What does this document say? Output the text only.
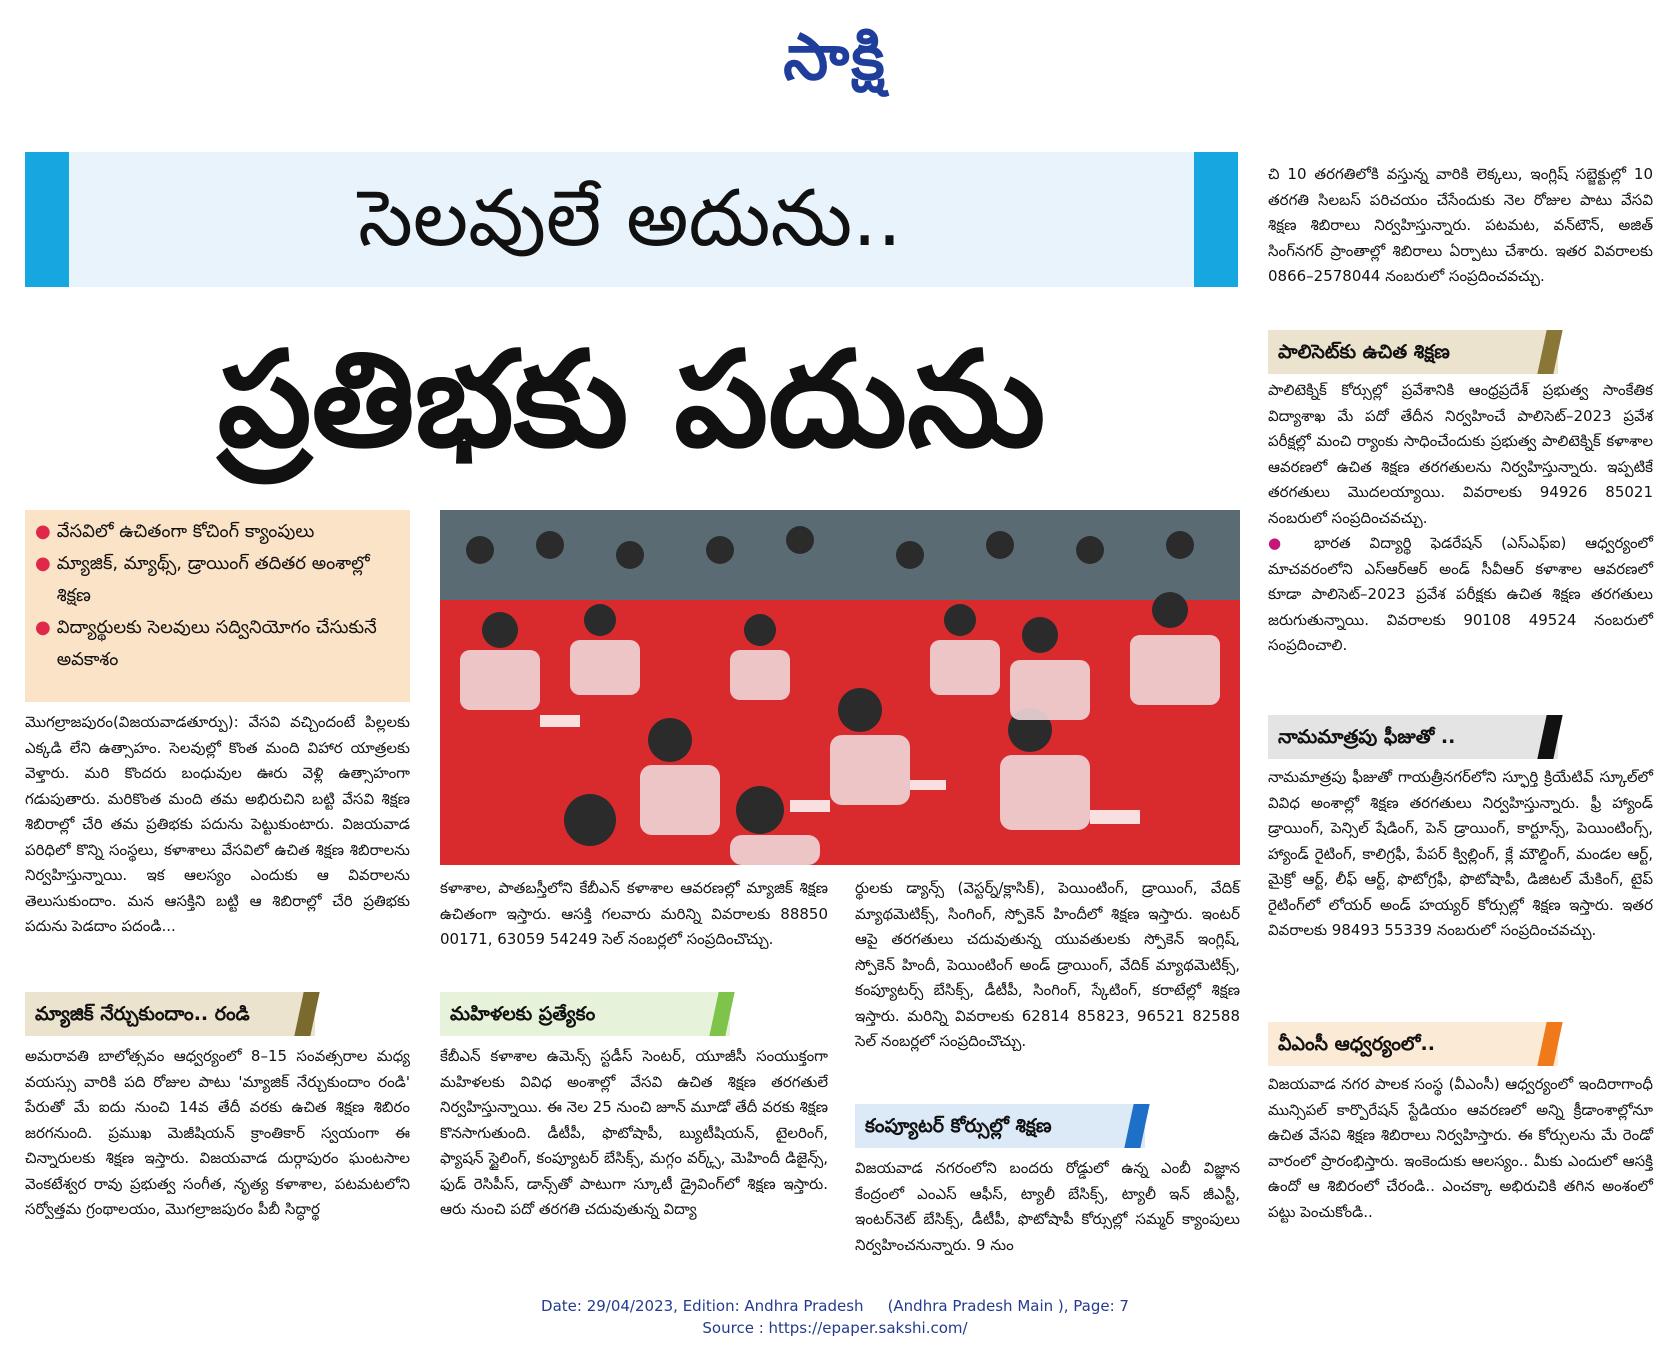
సాక్షి
సెలవులే అదును..
ప్రతిభకు పదును
● వేసవిలో ఉచితంగా కోచింగ్ క్యాంపులు
● మ్యాజిక్, మ్యాథ్స్, డ్రాయింగ్ తదితర అంశాల్లో శిక్షణ
● విద్యార్థులకు సెలవులు సద్వినియోగం చేసుకునే అవకాశం

మొగల్రాజపురం(విజయవాడతూర్పు): వేసవి వచ్చిందంటే పిల్లలకు ఎక్కడి లేని ఉత్సాహం. సెలవుల్లో కొంత మంది విహార యాత్రలకు వెళ్తారు. మరి కొందరు బంధువుల ఊరు వెళ్లి ఉత్సాహంగా గడుపుతారు. మరికొంత మంది తమ అభిరుచిని బట్టి వేసవి శిక్షణ శిబిరాల్లో చేరి తమ ప్రతిభకు పదును పెట్టుకుంటారు. విజయవాడ పరిధిలో కొన్ని సంస్థలు, కళాశాలు వేసవిలో ఉచిత శిక్షణ శిబిరాలను నిర్వహిస్తున్నాయి. ఇక ఆలస్యం ఎందుకు ఆ వివరాలను తెలుసుకుందాం. మన ఆసక్తిని బట్టి ఆ శిబిరాల్లో చేరి ప్రతిభకు పదును పెడదాం పదండి...

మ్యాజిక్ నేర్చుకుందాం.. రండి

అమరావతి బాలోత్సవం ఆధ్వర్యంలో 8–15 సంవత్సరాల మధ్య వయస్సు వారికి పది రోజుల పాటు 'మ్యాజిక్ నేర్చుకుందాం రండి' పేరుతో మే ఐదు నుంచి 14వ తేదీ వరకు ఉచిత శిక్షణ శిబిరం జరగనుంది. ప్రముఖ మెజీషియన్ క్రాంతికార్ స్వయంగా ఈ చిన్నారులకు శిక్షణ ఇస్తారు. విజయవాడ దుర్గాపురం ఘంటసాల వెంకటేశ్వర రావు ప్రభుత్వ సంగీత, నృత్య కళాశాల, పటమటలోని సర్వోత్తమ గ్రంథాలయం, మొగల్రాజపురం పీబీ సిద్ధార్థ

కళాశాల, పాతబస్తీలోని కేబీఎన్ కళాశాల ఆవరణల్లో మ్యాజిక్ శిక్షణ ఉచితంగా ఇస్తారు. ఆసక్తి గలవారు మరిన్ని వివరాలకు 88850 00171, 63059 54249 సెల్ నంబర్లలో సంప్రదించొచ్చు.

మహిళలకు ప్రత్యేకం

కేబీఎన్ కళాశాల ఉమెన్స్ స్టడీస్ సెంటర్, యూజీసీ సంయుక్తంగా మహిళలకు వివిధ అంశాల్లో వేసవి ఉచిత శిక్షణ తరగతులే నిర్వహిస్తున్నాయి. ఈ నెల 25 నుంచి జూన్ మూడో తేదీ వరకు శిక్షణ కొనసాగుతుంది. డీటీపీ, ఫొటోషాపీ, బ్యుటీషియన్, టైలరింగ్, ఫ్యాషన్ స్టైలింగ్, కంప్యూటర్ బేసిక్స్, మగ్గం వర్క్స్, మెహిందీ డిజైన్స్, ఫుడ్ రెసిపీస్, డాన్స్‌తో పాటుగా స్కూటీ డ్రైవింగ్‌లో శిక్షణ ఇస్తారు. ఆరు నుంచి పదో తరగతి చదువుతున్న విద్యా

ర్థులకు డ్యాన్స్ (వెస్టర్న్/క్లాసిక్), పెయింటింగ్, డ్రాయింగ్, వేదిక్ మ్యాథమెటిక్స్, సింగింగ్, స్పోకెన్ హిందీలో శిక్షణ ఇస్తారు. ఇంటర్ ఆపై తరగతులు చదువుతున్న యువతులకు స్పోకెన్ ఇంగ్లిష్, స్పోకెన్ హిందీ, పెయింటింగ్ అండ్ డ్రాయింగ్, వేదిక్ మ్యాథమెటిక్స్, కంప్యూటర్స్ బేసిక్స్, డీటీపీ, సింగింగ్, స్కేటింగ్, కరాటేల్లో శిక్షణ ఇస్తారు. మరిన్ని వివరాలకు 62814 85823, 96521 82588 సెల్ నంబర్లలో సంప్రదించొచ్చు.

కంప్యూటర్ కోర్సుల్లో శిక్షణ

విజయవాడ నగరంలోని బందరు రోడ్డులో ఉన్న ఎంబీ విజ్ఞాన కేంద్రంలో ఎంఎస్ ఆఫీస్, ట్యాలీ బేసిక్స్, ట్యాలీ ఇన్ జీఎస్టీ, ఇంటర్‌నెట్ బేసిక్స్, డీటీపీ, ఫొటోషాపీ కోర్సుల్లో సమ్మర్ క్యాంపులు నిర్వహించనున్నారు. 9 నుం

చి 10 తరగతిలోకి వస్తున్న వారికి లెక్కలు, ఇంగ్లిష్ సబ్జెక్టుల్లో 10 తరగతి సిలబస్ పరిచయం చేసేందుకు నెల రోజుల పాటు వేసవి శిక్షణ శిబిరాలు నిర్వహిస్తున్నారు. పటమట, వన్‌టౌన్, అజిత్ సింగ్‌నగర్ ప్రాంతాల్లో శిబిరాలు ఏర్పాటు చేశారు. ఇతర వివరాలకు 0866–2578044 నంబరులో సంప్రదించవచ్చు.

పాలిసెట్‌కు ఉచిత శిక్షణ

పాలిటెక్నిక్ కోర్సుల్లో ప్రవేశానికి ఆంధ్రప్రదేశ్ ప్రభుత్వ సాంకేతిక విద్యాశాఖ మే పదో తేదీన నిర్వహించే పాలిసెట్–2023 ప్రవేశ పరీక్షల్లో మంచి ర్యాంకు సాధించేందుకు ప్రభుత్వ పాలిటెక్నిక్ కళాశాల ఆవరణలో ఉచిత శిక్షణ తరగతులను నిర్వహిస్తున్నారు. ఇప్పటికే తరగతులు మొదలయ్యాయి. వివరాలకు 94926 85021 నంబరులో సంప్రదించవచ్చు.

● భారత విద్యార్థి ఫెడరేషన్ (ఎస్ఎఫ్ఐ) ఆధ్వర్యంలో మాచవరంలోని ఎస్ఆర్ఆర్ అండ్ సీవీఆర్ కళాశాల ఆవరణలో కూడా పాలిసెట్–2023 ప్రవేశ పరీక్షకు ఉచిత శిక్షణ తరగతులు జరుగుతున్నాయి. వివరాలకు 90108 49524 నంబరులో సంప్రదించాలి.

నామమాత్రపు ఫీజుతో ..

నామమాత్రపు ఫీజుతో గాయత్రీనగర్‌లోని స్ఫూర్తి క్రియేటివ్ స్కూల్‌లో వివిధ అంశాల్లో శిక్షణ తరగతులు నిర్వహిస్తున్నారు. ఫ్రీ హ్యాండ్ డ్రాయింగ్, పెన్సిల్ షేడింగ్, పెన్ డ్రాయింగ్, కార్టూన్స్, పెయింటింగ్స్, హ్యాండ్ రైటింగ్, కాలిగ్రఫీ, పేపర్ క్విల్లింగ్, క్లే మౌల్డింగ్, మండల ఆర్ట్, మైక్రో ఆర్ట్, లీఫ్ ఆర్ట్, ఫొటోగ్రఫీ, ఫొటోషాపీ, డిజిటల్ మేకింగ్, టైప్ రైటింగ్‌లో లోయర్ అండ్ హయ్యర్ కోర్సుల్లో శిక్షణ ఇస్తారు. ఇతర వివరాలకు 98493 55339 నంబరులో సంప్రదించవచ్చు.

వీఎంసీ ఆధ్వర్యంలో..

విజయవాడ నగర పాలక సంస్థ (వీఎంసీ) ఆధ్వర్యంలో ఇందిరాగాంధీ మున్సిపల్ కార్పొరేషన్ స్టేడియం ఆవరణలో అన్ని క్రీడాంశాల్లోనూ ఉచిత వేసవి శిక్షణ శిబిరాలు నిర్వహిస్తారు. ఈ కోర్సులను మే రెండో వారంలో ప్రారంభిస్తారు. ఇంకెందుకు ఆలస్యం.. మీకు ఎందులో ఆసక్తి ఉందో ఆ శిబిరంలో చేరండి.. ఎంచక్కా అభిరుచికి తగిన అంశంలో పట్టు పెంచుకోండి..

Date: 29/04/2023, Edition: Andhra Pradesh (Andhra Pradesh Main ), Page: 7
Source : https://epaper.sakshi.com/
